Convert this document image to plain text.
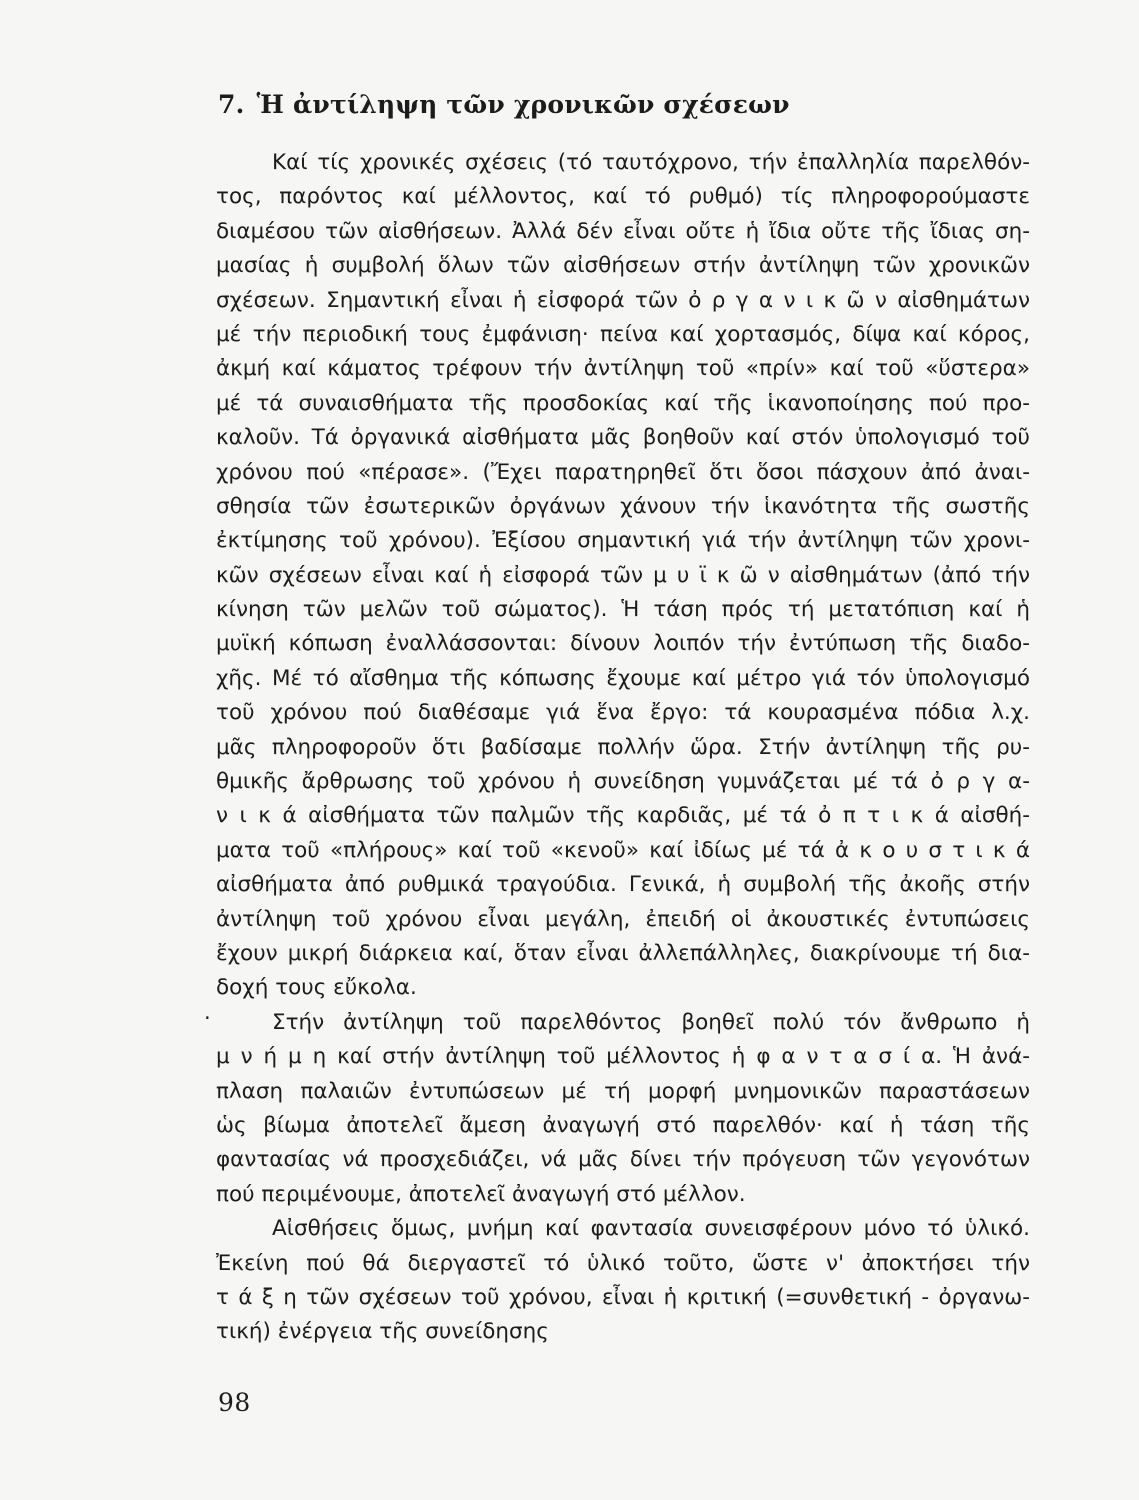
7. Ἡ ἀντίληψη τῶν χρονικῶν σχέσεων
.
Καί τίς χρονικές σχέσεις (τό ταυτόχρονο, τήν ἐπαλληλία παρελθόν-
τος, παρόντος καί μέλλοντος, καί τό ρυθμό) τίς πληροφορούμαστε
διαμέσου τῶν αἰσθήσεων. Ἀλλά δέν εἶναι οὔτε ἡ ἴδια οὔτε τῆς ἴδιας ση-
μασίας ἡ συμβολή ὅλων τῶν αἰσθήσεων στήν ἀντίληψη τῶν χρονικῶν
σχέσεων. Σημαντική εἶναι ἡ εἰσφορά τῶν ὀ ρ γ α ν ι κ ῶ ν αἰσθημάτων
μέ τήν περιοδική τους ἐμφάνιση· πείνα καί χορτασμός, δίψα καί κόρος,
ἀκμή καί κάματος τρέφουν τήν ἀντίληψη τοῦ «πρίν» καί τοῦ «ὕστερα»
μέ τά συναισθήματα τῆς προσδοκίας καί τῆς ἱκανοποίησης πού προ-
καλοῦν. Τά ὀργανικά αἰσθήματα μᾶς βοηθοῦν καί στόν ὑπολογισμό τοῦ
χρόνου πού «πέρασε». (Ἔχει παρατηρηθεῖ ὅτι ὅσοι πάσχουν ἀπό ἀναι-
σθησία τῶν ἐσωτερικῶν ὀργάνων χάνουν τήν ἱκανότητα τῆς σωστῆς
ἐκτίμησης τοῦ χρόνου). Ἐξίσου σημαντική γιά τήν ἀντίληψη τῶν χρονι-
κῶν σχέσεων εἶναι καί ἡ εἰσφορά τῶν μ υ ϊ κ ῶ ν αἰσθημάτων (ἀπό τήν
κίνηση τῶν μελῶν τοῦ σώματος). Ἡ τάση πρός τή μετατόπιση καί ἡ
μυϊκή κόπωση ἐναλλάσσονται: δίνουν λοιπόν τήν ἐντύπωση τῆς διαδο-
χῆς. Μέ τό αἴσθημα τῆς κόπωσης ἔχουμε καί μέτρο γιά τόν ὑπολογισμό
τοῦ χρόνου πού διαθέσαμε γιά ἕνα ἔργο: τά κουρασμένα πόδια λ.χ.
μᾶς πληροφοροῦν ὅτι βαδίσαμε πολλήν ὥρα. Στήν ἀντίληψη τῆς ρυ-
θμικῆς ἄρθρωσης τοῦ χρόνου ἡ συνείδηση γυμνάζεται μέ τά ὀ ρ γ α-
ν ι κ ά αἰσθήματα τῶν παλμῶν τῆς καρδιᾶς, μέ τά ὀ π τ ι κ ά αἰσθή-
ματα τοῦ «πλήρους» καί τοῦ «κενοῦ» καί ἰδίως μέ τά ἀ κ ο υ σ τ ι κ ά
αἰσθήματα ἀπό ρυθμικά τραγούδια. Γενικά, ἡ συμβολή τῆς ἀκοῆς στήν
ἀντίληψη τοῦ χρόνου εἶναι μεγάλη, ἐπειδή οἱ ἀκουστικές ἐντυπώσεις
ἔχουν μικρή διάρκεια καί, ὅταν εἶναι ἀλλεπάλληλες, διακρίνουμε τή δια-
δοχή τους εὔκολα.
Στήν ἀντίληψη τοῦ παρελθόντος βοηθεῖ πολύ τόν ἄνθρωπο ἡ
μ ν ή μ η καί στήν ἀντίληψη τοῦ μέλλοντος ἡ φ α ν τ α σ ί α. Ἡ ἀνά-
πλαση παλαιῶν ἐντυπώσεων μέ τή μορφή μνημονικῶν παραστάσεων
ὡς βίωμα ἀποτελεῖ ἄμεση ἀναγωγή στό παρελθόν· καί ἡ τάση τῆς
φαντασίας νά προσχεδιάζει, νά μᾶς δίνει τήν πρόγευση τῶν γεγονότων
πού περιμένουμε, ἀποτελεῖ ἀναγωγή στό μέλλον.
Αἰσθήσεις ὅμως, μνήμη καί φαντασία συνεισφέρουν μόνο τό ὑλικό.
Ἐκείνη πού θά διεργαστεῖ τό ὑλικό τοῦτο, ὥστε ν' ἀποκτήσει τήν
τ ά ξ η τῶν σχέσεων τοῦ χρόνου, εἶναι ἡ κριτική (=συνθετική - ὀργανω-
τική) ἐνέργεια τῆς συνείδησης
98
